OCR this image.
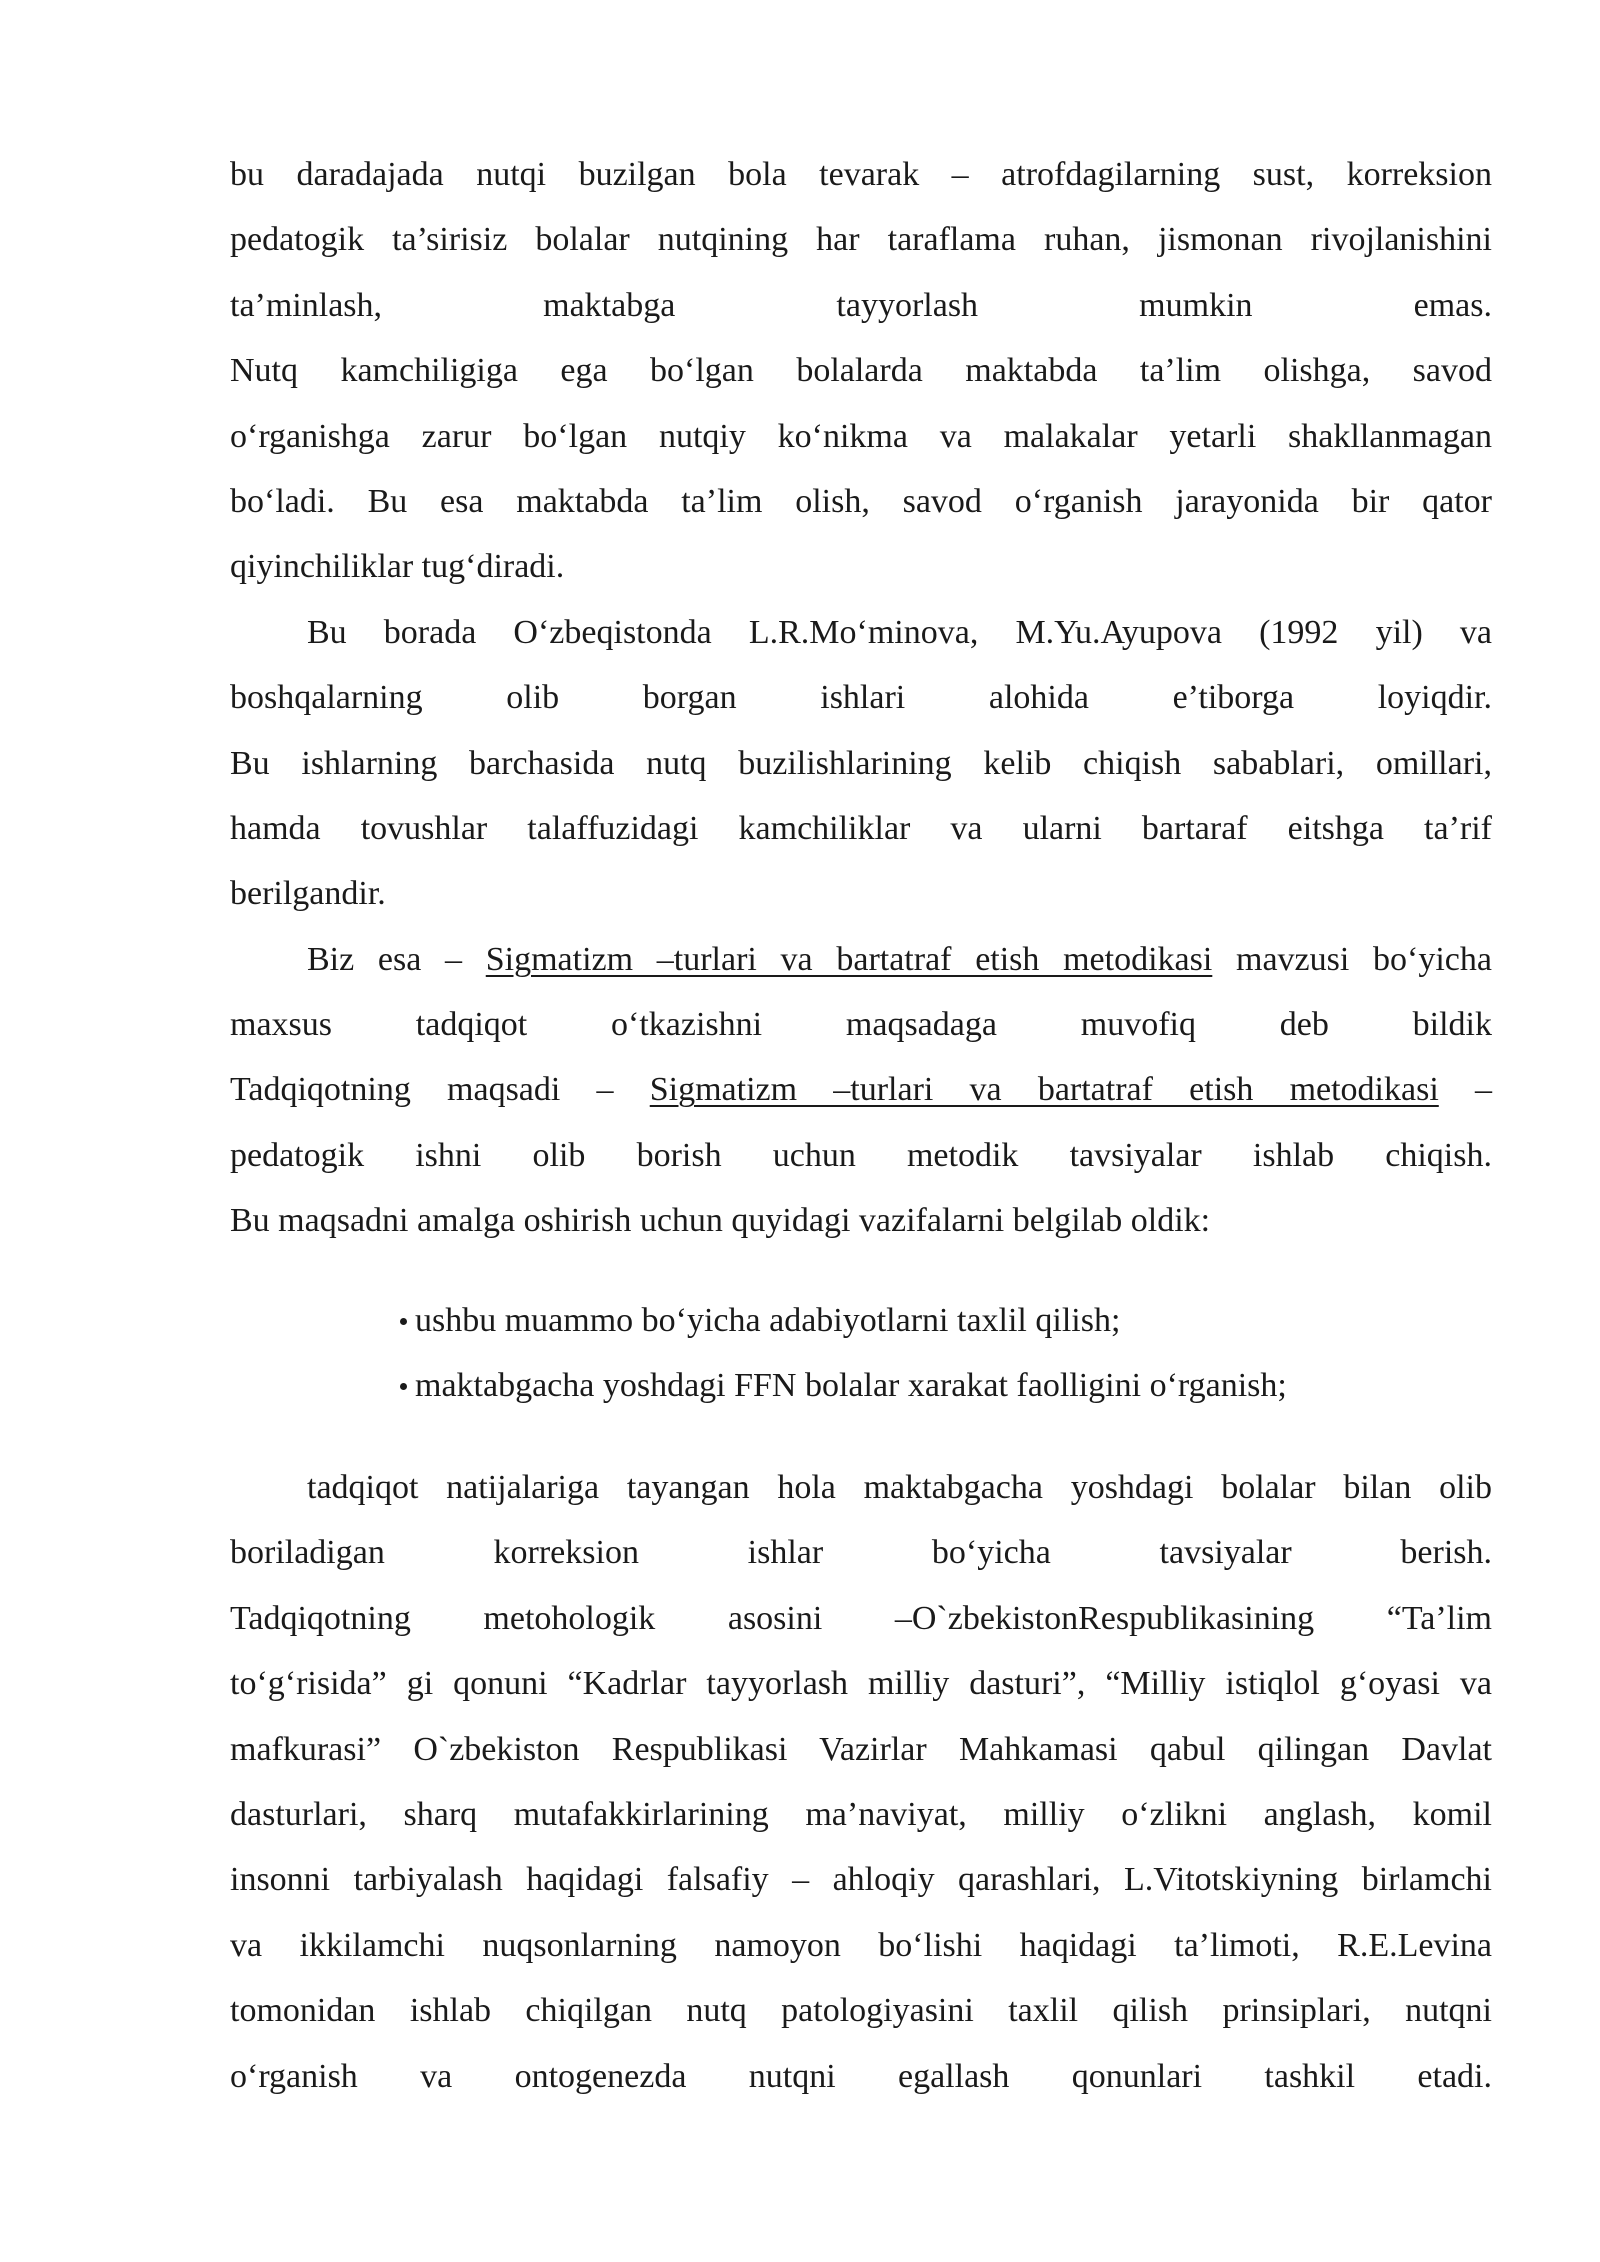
bu daradajada nutqi buzilgan bola tevarak – atrofdagilarning sust, korreksion
pedatogik ta’sirisiz bolalar nutqining har taraflama ruhan, jismonan rivojlanishini
ta’minlash, maktabga tayyorlash mumkin emas.
Nutq kamchiligiga ega bo‘lgan bolalarda maktabda ta’lim olishga, savod
o‘rganishga zarur bo‘lgan nutqiy ko‘nikma va malakalar yetarli shakllanmagan
bo‘ladi. Bu esa maktabda ta’lim olish, savod o‘rganish jarayonida bir qator
qiyinchiliklar tug‘diradi.
Bu borada O‘zbeqistonda L.R.Mo‘minova, M.Yu.Ayupova (1992 yil) va
boshqalarning olib borgan ishlari alohida e’tiborga loyiqdir.
Bu ishlarning barchasida nutq buzilishlarining kelib chiqish sabablari, omillari,
hamda tovushlar talaffuzidagi kamchiliklar va ularni bartaraf eitshga ta’rif
berilgandir.
Biz esa – Sigmatizm –turlari va bartatraf etish metodikasi mavzusi bo‘yicha
maxsus tadqiqot o‘tkazishni maqsadaga muvofiq deb bildik
Tadqiqotning maqsadi – Sigmatizm –turlari va bartatraf etish metodikasi –
pedatogik ishni olib borish uchun metodik tavsiyalar ishlab chiqish.
Bu maqsadni amalga oshirish uchun quyidagi vazifalarni belgilab oldik:
ushbu muammo bo‘yicha adabiyotlarni taxlil qilish;
maktabgacha yoshdagi FFN bolalar xarakat faolligini o‘rganish;
tadqiqot natijalariga tayangan hola maktabgacha yoshdagi bolalar bilan olib
boriladigan korreksion ishlar bo‘yicha tavsiyalar berish.
Tadqiqotning metohologik asosini –O`zbekistonRespublikasining “Ta’lim
to‘g‘risida” gi qonuni “Kadrlar tayyorlash milliy dasturi”, “Milliy istiqlol g‘oyasi va
mafkurasi” O`zbekiston Respublikasi Vazirlar Mahkamasi qabul qilingan Davlat
dasturlari, sharq mutafakkirlarining ma’naviyat, milliy o‘zlikni anglash, komil
insonni tarbiyalash haqidagi falsafiy – ahloqiy qarashlari, L.Vitotskiyning birlamchi
va ikkilamchi nuqsonlarning namoyon bo‘lishi haqidagi ta’limoti, R.E.Levina
tomonidan ishlab chiqilgan nutq patologiyasini taxlil qilish prinsiplari, nutqni
o‘rganish va ontogenezda nutqni egallash qonunlari tashkil etadi.
